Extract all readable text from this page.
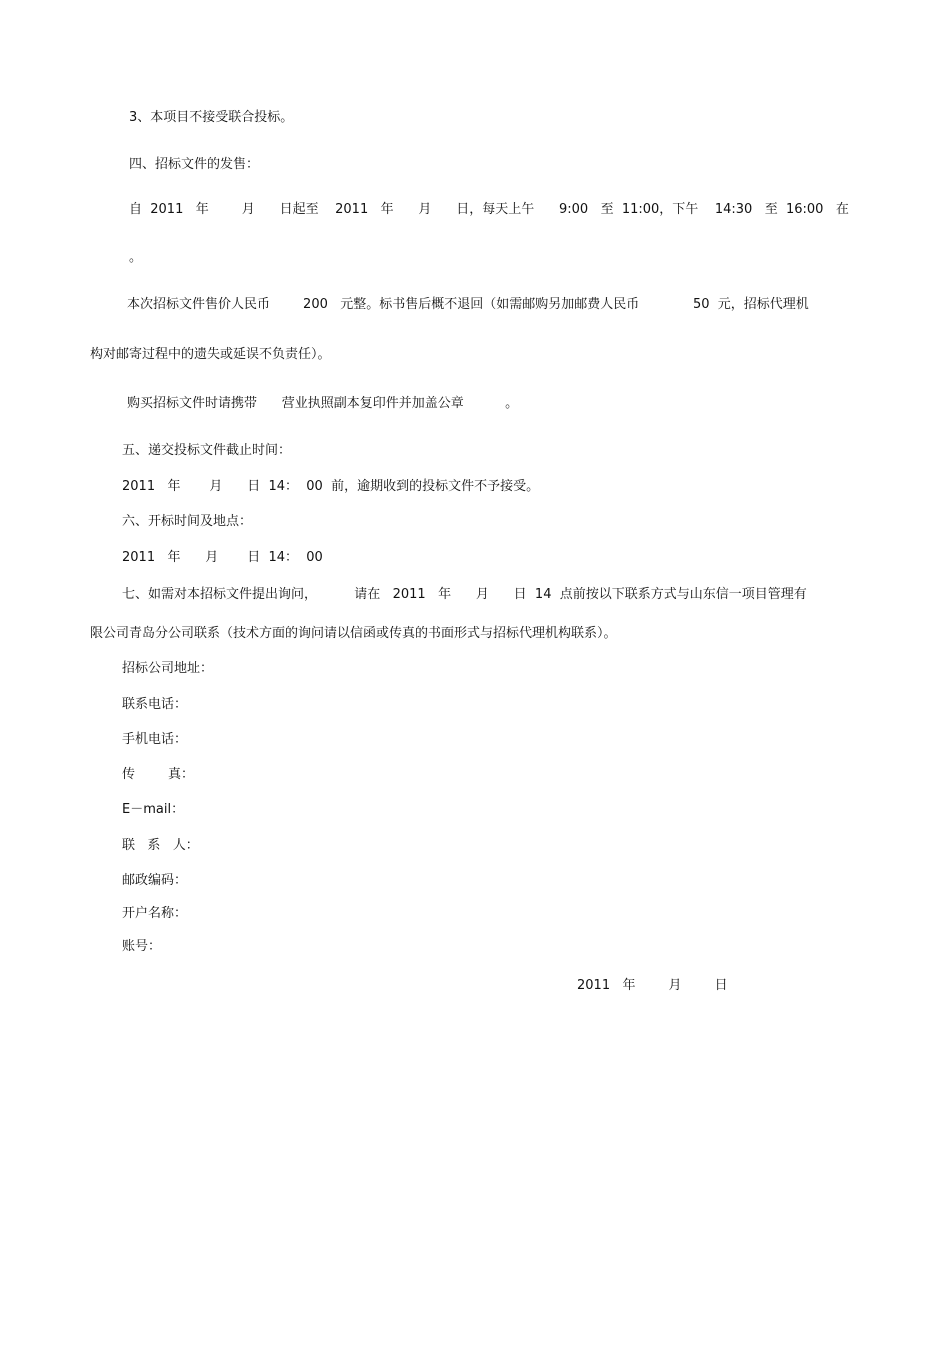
3、本项目不接受联合投标。
四、招标文件的发售：
自  2011   年        月      日起至    2011   年      月      日，每天上午      9:00   至  11:00，下午    14:30   至  16:00   在
。
本次招标文件售价人民币        200   元整。标书售后概不退回（如需邮购另加邮费人民币             50  元，招标代理机
构对邮寄过程中的遗失或延误不负责任）。
购买招标文件时请携带      营业执照副本复印件并加盖公章          。
五、递交投标文件截止时间：
2011   年       月      日  14：  00  前，逾期收到的投标文件不予接受。
六、开标时间及地点：
2011   年      月       日  14：  00
七、如需对本招标文件提出询问，         请在   2011   年      月      日  14  点前按以下联系方式与山东信一项目管理有
限公司青岛分公司联系（技术方面的询问请以信函或传真的书面形式与招标代理机构联系）。
招标公司地址：
联系电话：
手机电话：
传        真：
E－mail：
联   系   人：
邮政编码：
开户名称：
账号：
2011   年        月        日
